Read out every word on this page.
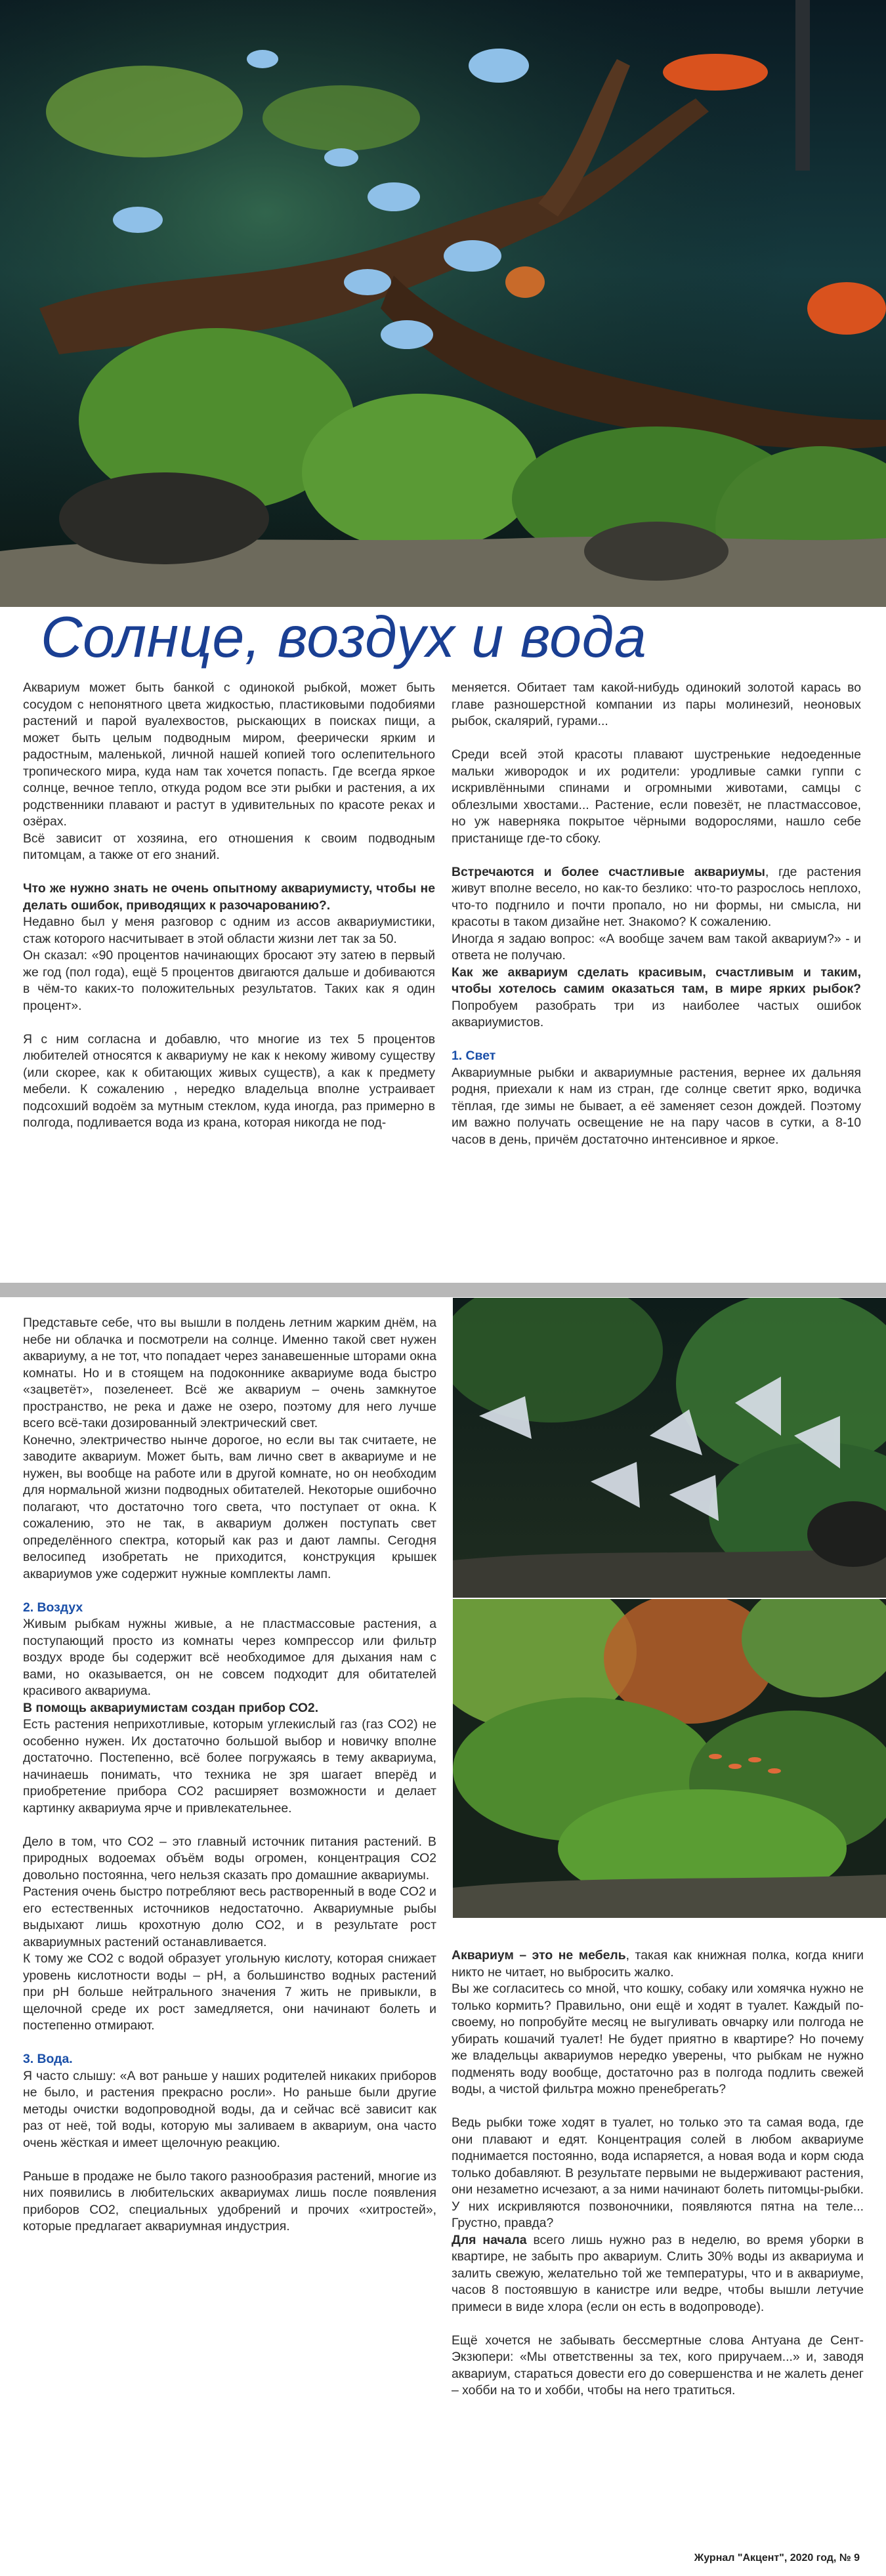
Солнце, воздух и вода

Аквариум может быть банкой с одинокой рыбкой, может быть сосудом с непонятного цвета жидкостью, пластиковыми подобиями растений и парой вуалехвостов, рыскающих в поисках пищи, а может быть целым подводным миром, феерически ярким и радостным, маленькой, личной нашей копией того ослепительного тропического мира, куда нам так хочется попасть. Где всегда яркое солнце, вечное тепло, откуда родом все эти рыбки и растения, а их родственники плавают и растут в удивительных по красоте реках и озёрах.

Всё зависит от хозяина, его отношения к своим подводным питомцам, а также от его знаний.

Что же нужно знать не очень опытному аквариумисту, чтобы не делать ошибок, приводящих к разочарованию?.

Недавно был у меня разговор с одним из ассов аквариумистики, стаж которого насчитывает в этой области жизни лет так за 50.

Он сказал: «90 процентов начинающих бросают эту затею в первый же год (пол года), ещё 5 процентов двигаются дальше и добиваются в чём-то каких-то положительных результатов. Таких как я один процент».

Я с ним согласна и добавлю, что многие из тех 5 процентов любителей относятся к аквариуму не как к некому живому существу (или скорее, как к обитающих живых существ), а как к предмету мебели. К сожалению , нередко владельца вполне устраивает подсохший водоём за мутным стеклом, куда иногда, раз примерно в полгода, подливается вода из крана, которая никогда не под-

меняется. Обитает там какой-нибудь одинокий золотой карась во главе разношерстной компании из пары молинезий, неоновых рыбок, скалярий, гурами...

Среди всей этой красоты плавают шустренькие недоеденные мальки живородок и их родители: уродливые самки гуппи с искривлёнными спинами и огромными животами, самцы с облезлыми хвостами... Растение, если повезёт, не пластмассовое, но уж наверняка покрытое чёрными водорослями, нашло себе пристанище где-то сбоку.

Встречаются и более счастливые аквариумы, где растения живут вполне весело, но как-то безлико: что-то разрослось неплохо, что-то подгнило и почти пропало, но ни формы, ни смысла, ни красоты в таком дизайне нет. Знакомо? К сожалению.

Иногда я задаю вопрос: «А вообще зачем вам такой аквариум?» - и ответа не получаю.

Как же аквариум сделать красивым, счастливым и таким, чтобы хотелось самим оказаться там, в мире ярких рыбок? Попробуем разобрать три из наиболее частых ошибок аквариумистов.

1. Свет

Аквариумные рыбки и аквариумные растения, вернее их дальняя родня, приехали к нам из стран, где солнце светит ярко, водичка тёплая, где зимы не бывает, а её заменяет сезон дождей. Поэтому им важно получать освещение не на пару часов в сутки, а 8-10 часов в день, причём достаточно интенсивное и яркое.

Представьте себе, что вы вышли в полдень летним жарким днём, на небе ни облачка и посмотрели на солнце. Именно такой свет нужен аквариуму, а не тот, что попадает через занавешенные шторами окна комнаты. Но и в стоящем на подоконнике аквариуме вода быстро «зацветёт», позеленеет. Всё же аквариум – очень замкнутое пространство, не река и даже не озеро, поэтому для него лучше всего всё-таки дозированный электрический свет.

Конечно, электричество нынче дорогое, но если вы так считаете, не заводите аквариум. Может быть, вам лично свет в аквариуме и не нужен, вы вообще на работе или в другой комнате, но он необходим для нормальной жизни подводных обитателей. Некоторые ошибочно полагают, что достаточно того света, что поступает от окна. К сожалению, это не так, в аквариум должен поступать свет определённого спектра, который как раз и дают лампы. Сегодня велосипед изобретать не приходится, конструкция крышек аквариумов уже содержит нужные комплекты ламп.

2. Воздух

Живым рыбкам нужны живые, а не пластмассовые растения, а поступающий просто из комнаты через компрессор или фильтр воздух вроде бы содержит всё необходимое для дыхания нам с вами, но оказывается, он не совсем подходит для обитателей красивого аквариума.

В помощь аквариумистам создан прибор СО2.

Есть растения неприхотливые, которым углекислый газ (газ СО2) не особенно нужен. Их достаточно большой выбор и новичку вполне достаточно. Постепенно, всё более погружаясь в тему аквариума, начинаешь понимать, что техника не зря шагает вперёд и приобретение прибора СО2 расширяет возможности и делает картинку аквариума ярче и привлекательнее.

Дело в том, что СО2 – это главный источник питания растений. В природных водоемах объём воды огромен, концентрация СО2 довольно постоянна, чего нельзя сказать про домашние аквариумы.

Растения очень быстро потребляют весь растворенный в воде СО2 и его естественных источников недостаточно. Аквариумные рыбы выдыхают лишь крохотную долю СО2, и в результате рост аквариумных растений останавливается.

К тому же СО2 с водой образует угольную кислоту, которая снижает уровень кислотности воды – рН, а большинство водных растений при рН больше нейтрального значения 7 жить не привыкли, в щелочной среде их рост замедляется, они начинают болеть и постепенно отмирают.

3. Вода.

Я часто слышу: «А вот раньше у наших родителей никаких приборов не было, и растения прекрасно росли». Но раньше были другие методы очистки водопроводной воды, да и сейчас всё зависит как раз от неё, той воды, которую мы заливаем в аквариум, она часто очень жёсткая и имеет щелочную реакцию.

Раньше в продаже не было такого разнообразия растений, многие из них появились в любительских аквариумах лишь после появления приборов СО2, специальных удобрений и прочих «хитростей», которые предлагает аквариумная индустрия.

Аквариум – это не мебель, такая как книжная полка, когда книги никто не читает, но выбросить жалко.

Вы же согласитесь со мной, что кошку, собаку или хомячка нужно не только кормить? Правильно, они ещё и ходят в туалет. Каждый по-своему, но попробуйте месяц не выгуливать овчарку или полгода не убирать кошачий туалет! Не будет приятно в квартире? Но почему же владельцы аквариумов нередко уверены, что рыбкам не нужно подменять воду вообще, достаточно раз в полгода подлить свежей воды, а чистой фильтра можно пренебрегать?

Ведь рыбки тоже ходят в туалет, но только это та самая вода, где они плавают и едят. Концентрация солей в любом аквариуме поднимается постоянно, вода испаряется, а новая вода и корм сюда только добавляют. В результате первыми не выдерживают растения, они незаметно исчезают, а за ними начинают болеть питомцы-рыбки. У них искривляются позвоночники, появляются пятна на теле... Грустно, правда?

Для начала всего лишь нужно раз в неделю, во время уборки в квартире, не забыть про аквариум. Слить 30% воды из аквариума и залить свежую, желательно той же температуры, что и в аквариуме, часов 8 постоявшую в канистре или ведре, чтобы вышли летучие примеси в виде хлора (если он есть в водопроводе).

Ещё хочется не забывать бессмертные слова Антуана де Сент-Экзюпери: «Мы ответственны за тех, кого приручаем...» и, заводя аквариум, стараться довести его до совершенства и не жалеть денег – хобби на то и хобби, чтобы на него тратиться.

Журнал "Акцент", 2020 год, № 9
